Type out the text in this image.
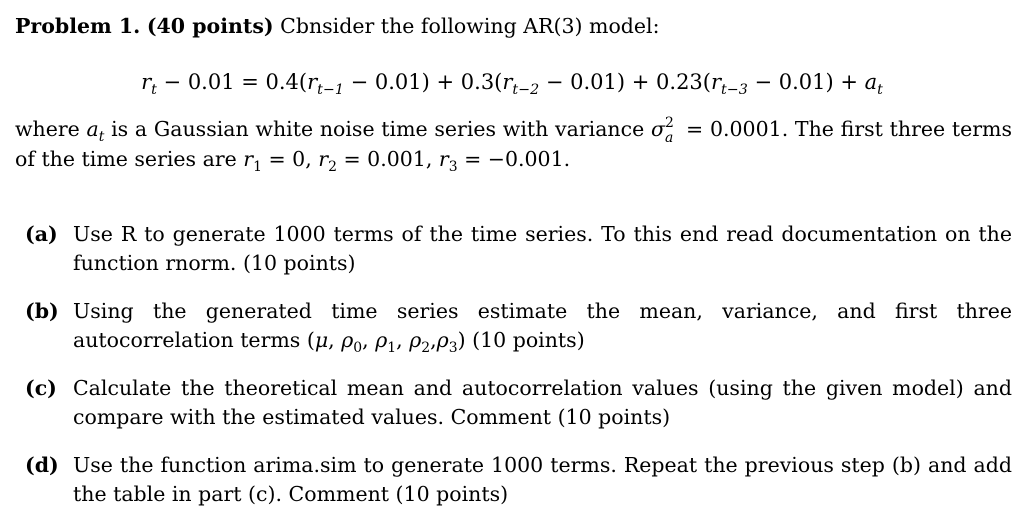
Problem 1. (40 points) Cbnsider the following AR(3) model:
$r_t - 0.01 = 0.4(r_{t-1} - 0.01) + 0.3(r_{t-2} - 0.01) + 0.23(r_{t-3} - 0.01) + a_t$
where $a_t$ is a Gaussian white noise time series with variance σ 2
a = 0.0001. The first three terms of the time series are $r_1 = 0$, $r_2 = 0.001$, $r_3 = -0.001$.
(a) Use R to generate 1000 terms of the time series. To this end read documentation on the function rnorm. (10 points)
(b) Using the generated time series estimate the mean, variance, and first three autocorrelation terms (μ, $\rho_0$, $\rho_1$, $\rho_2,\rho_3$) (10 points)
(c) Calculate the theoretical mean and autocorrelation values (using the given model) and compare with the estimated values. Comment (10 points)
(d) Use the function arima.sim to generate 1000 terms. Repeat the previous step (b) and add the table in part (c). Comment (10 points)
